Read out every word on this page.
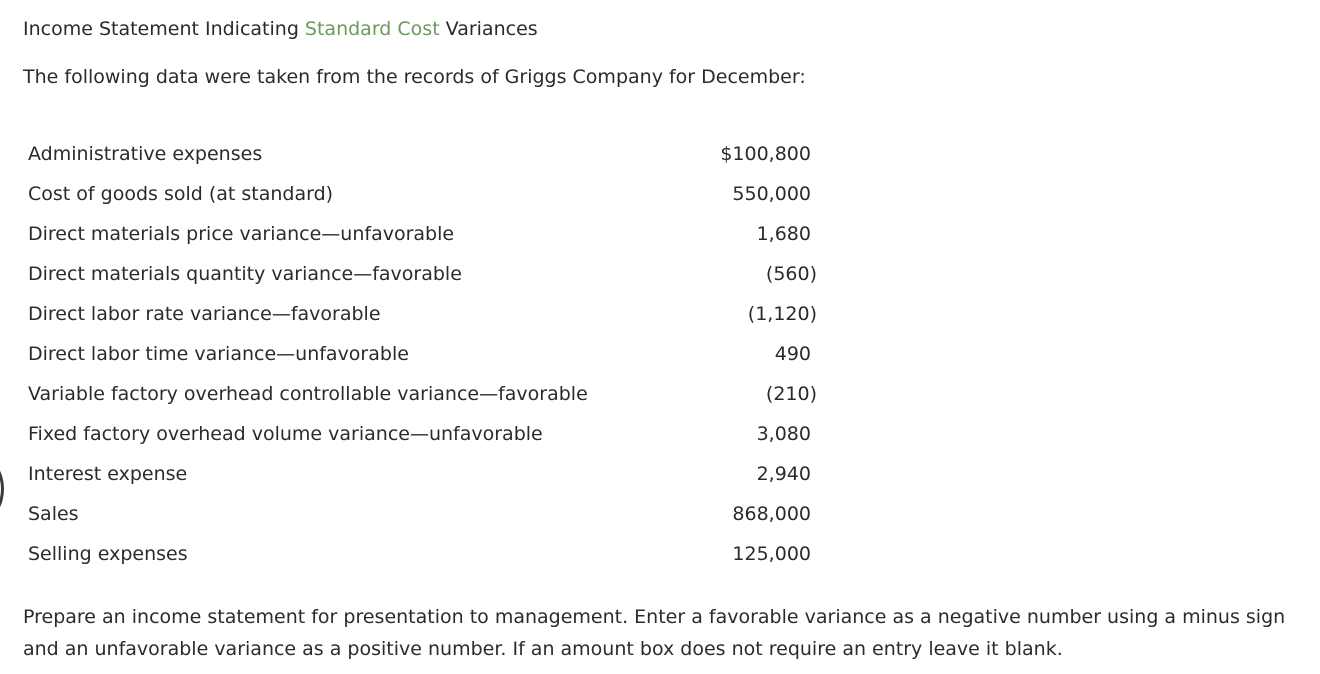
Income Statement Indicating Standard Cost Variances
The following data were taken from the records of Griggs Company for December:
Administrative expenses	$100,800
Cost of goods sold (at standard)	550,000
Direct materials price variance—unfavorable	1,680
Direct materials quantity variance—favorable	(560)
Direct labor rate variance—favorable	(1,120)
Direct labor time variance—unfavorable	490
Variable factory overhead controllable variance—favorable	(210)
Fixed factory overhead volume variance—unfavorable	3,080
Interest expense	2,940
Sales	868,000
Selling expenses	125,000
Prepare an income statement for presentation to management. Enter a favorable variance as a negative number using a minus sign and an unfavorable variance as a positive number. If an amount box does not require an entry leave it blank.
